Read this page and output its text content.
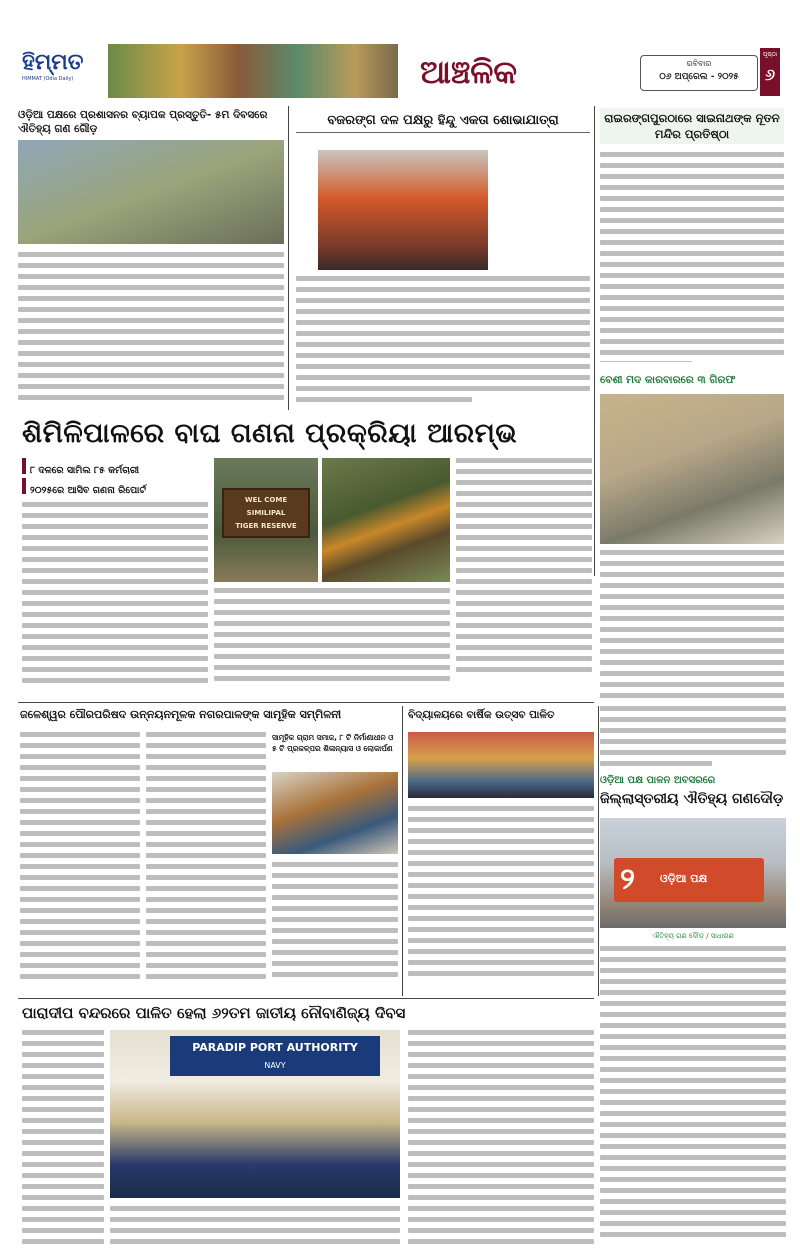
ହିମ୍ମତ
HIMMAT (Odia Daily)	ଆଞ୍ଚଳିକ	ରବିବାର
୦୬ ଅପ୍ରେଲ - ୨୦୨୫
ପୃଷ୍ଠା
୬
ଓଡ଼ିଆ ପକ୍ଷରେ ପ୍ରଶାସନର ବ୍ୟାପକ ପ୍ରସ୍ତୁତି- ୫ମ ଦିବସରେ ଐତିହ୍ୟ ଗଣ ଗୌଡ଼
ବଜରଙ୍ଗ ଦଳ ପକ୍ଷରୁ ହିନ୍ଦୁ ଏକତା ଶୋଭାଯାତ୍ରା	ରାଇରଙ୍ଗପୁରଠାରେ ସାଇନାଥଙ୍କ ନୂତନ ମନ୍ଦିର ପ୍ରତିଷ୍ଠା
ବେଶୀ ମଦ କାରବାରରେ ୩ ଗିରଫ
ଶିମିଳିପାଳରେ ବାଘ ଗଣନା ପ୍ରକ୍ରିୟା ଆରମ୍ଭ
୮ ଦଳରେ ସାମିଲ ୮୫ କର୍ମଚାରୀ
୨୦୨୫ରେ ଆସିବ ଗଣନା ରିପୋର୍ଟ
WEL COME
SIMILIPAL
TIGER RESERVE
ଜଳେଶ୍ୱର ପୌରପରିଷଦ ଉନ୍ନୟନମୂଳକ ନଗରପାଳଙ୍କ ସାମୂହିକ ସମ୍ମିଳନୀ
ସାମୂହିକ ଗ୍ରାମ ସମାଜ, ୮ ଟି ନିର୍ମାଣାଧୀନ ଓ ୫ ଟି ପ୍ରକଳ୍ପର ଶିଳାନ୍ୟାସ ଓ ଲୋକାର୍ପଣ
ବିଦ୍ୟାଳୟରେ ବାର୍ଷିକ ଉତ୍ସବ ପାଳିତ
ଓଡ଼ିଆ ପକ୍ଷ ପାଳନ ଅବସରରେ
ଜିଲ୍ଲାସ୍ତରୀୟ ଐତିହ୍ୟ ଗଣଦୌଡ଼
୨ ଓଡ଼ିଆ ପକ୍ଷ
ଐତିହ୍ୟ ଗଣ ଦୌଡ଼ / ସାଧାରଣ
ପାରାଦୀପ ବନ୍ଦରରେ ପାଳିତ ହେଲା ୬୨ତମ ଜାତୀୟ ନୌବାଣିଜ୍ୟ ଦିବସ
PARADIP PORT AUTHORITY
NAVY
